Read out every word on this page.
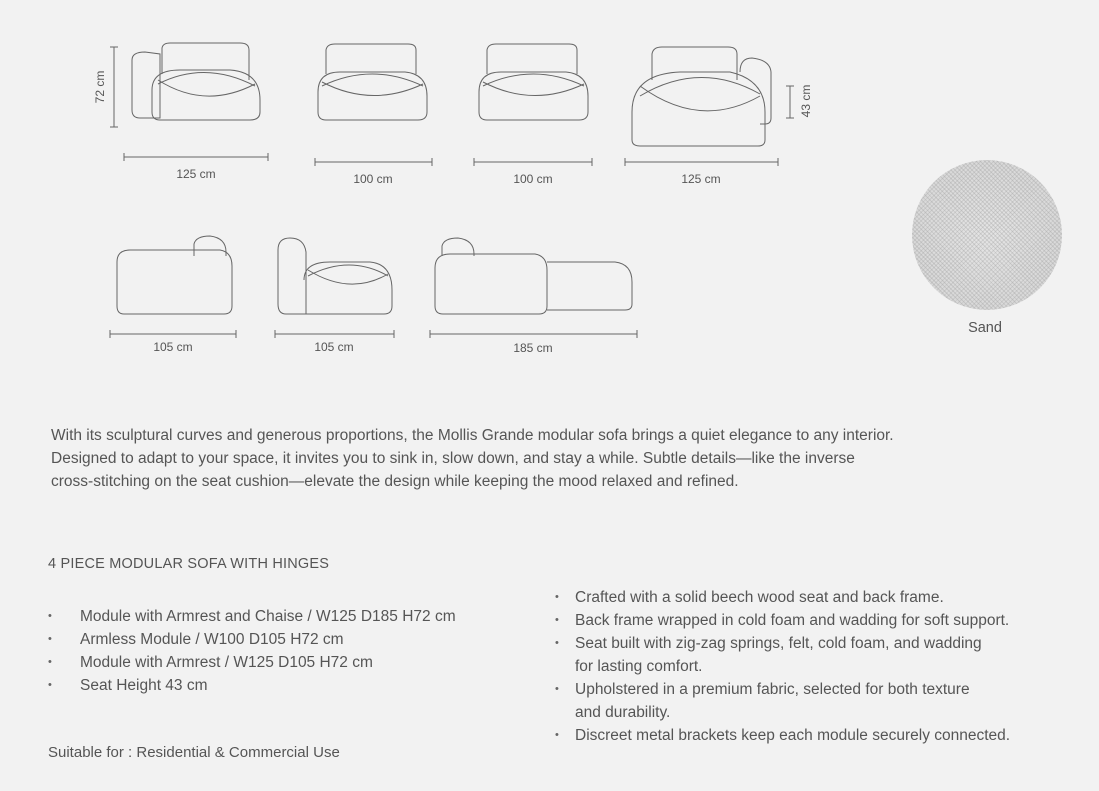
72 cm	43 cm
125 cm	100 cm	100 cm	125 cm
105 cm	105 cm	185 cm
Sand
With its sculptural curves and generous proportions, the Mollis Grande modular sofa brings a quiet elegance to any interior.
Designed to adapt to your space, it invites you to sink in, slow down, and stay a while. Subtle details—like the inverse
cross-stitching on the seat cushion—elevate the design while keeping the mood relaxed and refined.
4 PIECE MODULAR SOFA WITH HINGES
• Module with Armrest and Chaise / W125 D185 H72 cm
• Armless Module / W100 D105 H72 cm
• Module with Armrest / W125 D105 H72 cm
• Seat Height 43 cm
Suitable for : Residential & Commercial Use
• Crafted with a solid beech wood seat and back frame.
• Back frame wrapped in cold foam and wadding for soft support.
• Seat built with zig-zag springs, felt, cold foam, and wadding
for lasting comfort.
• Upholstered in a premium fabric, selected for both texture
and durability.
• Discreet metal brackets keep each module securely connected.
